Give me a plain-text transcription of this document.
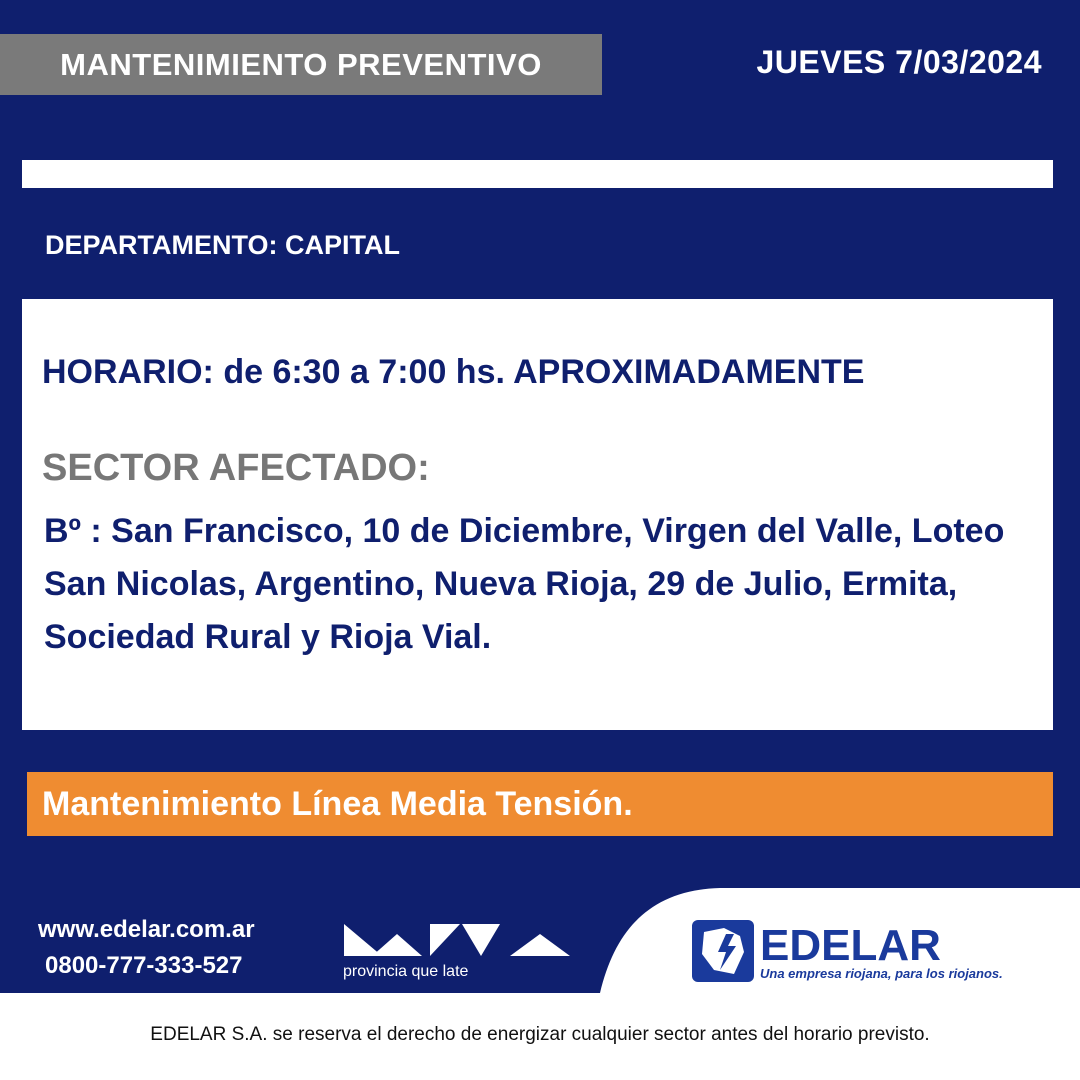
MANTENIMIENTO PREVENTIVO	JUEVES 7/03/2024
DEPARTAMENTO: CAPITAL
HORARIO: de 6:30 a 7:00 hs. APROXIMADAMENTE
SECTOR AFECTADO:
Bº : San Francisco, 10 de Diciembre, Virgen del Valle, Loteo San Nicolas, Argentino, Nueva Rioja, 29 de Julio, Ermita, Sociedad Rural y Rioja Vial.
Mantenimiento Línea Media Tensión.
www.edelar.com.ar
0800-777-333-527	provincia que late
EDELAR
Una empresa riojana, para los riojanos.
EDELAR S.A. se reserva el derecho de energizar cualquier sector antes del horario previsto.
